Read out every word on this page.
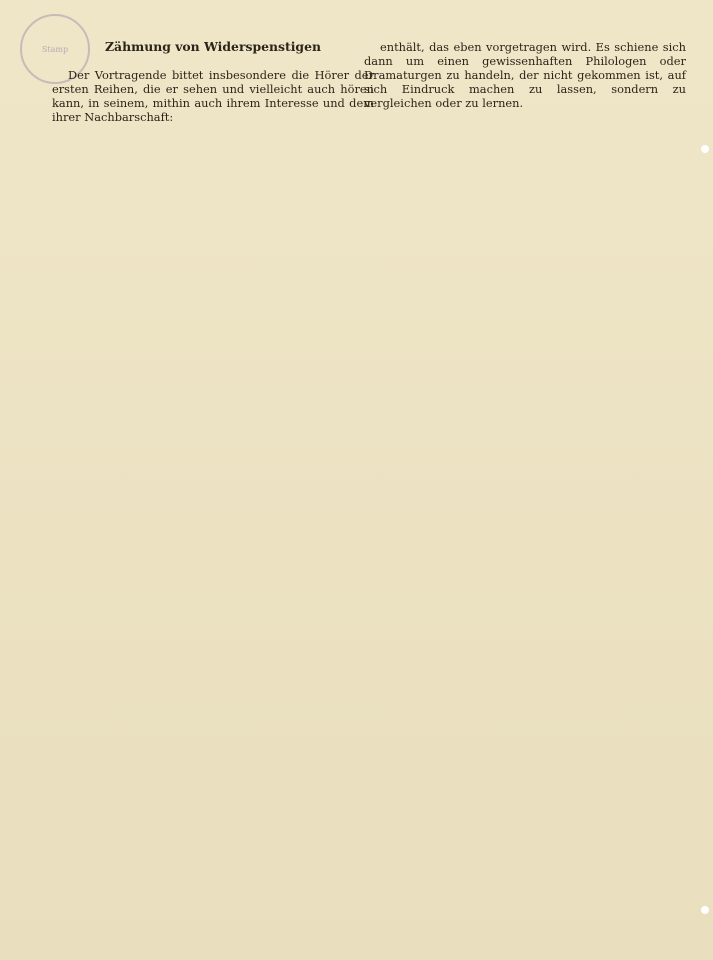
Stamp	Zähmung von Widerspenstigen

Der Vortragende bittet insbesondere die Hörer der ersten Reihen, die er sehen und vielleicht auch hören kann, in seinem, mithin auch ihrem Interesse und dem ihrer Nachbarschaft:

enthält, das eben vorgetragen wird. Es schiene sich dann um einen gewissenhaften Philologen oder Dramaturgen zu handeln, der nicht gekommen ist, auf sich Eindruck machen zu lassen, sondern zu vergleichen oder zu lernen.
